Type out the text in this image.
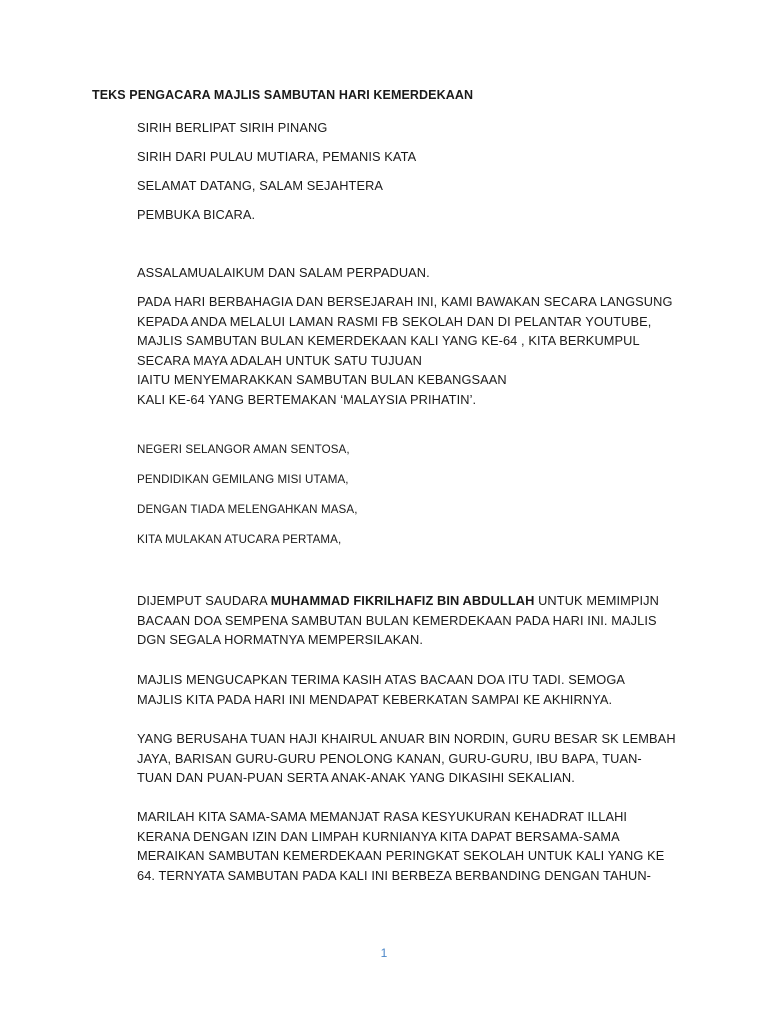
TEKS PENGACARA MAJLIS SAMBUTAN HARI KEMERDEKAAN
SIRIH BERLIPAT SIRIH PINANG
SIRIH DARI PULAU MUTIARA, PEMANIS KATA
SELAMAT DATANG, SALAM SEJAHTERA
PEMBUKA BICARA.
ASSALAMUALAIKUM DAN SALAM PERPADUAN.
PADA HARI BERBAHAGIA DAN BERSEJARAH INI, KAMI BAWAKAN SECARA LANGSUNG
KEPADA ANDA MELALUI LAMAN RASMI FB SEKOLAH DAN DI PELANTAR YOUTUBE,
MAJLIS SAMBUTAN BULAN KEMERDEKAAN KALI YANG KE-64 , KITA BERKUMPUL
SECARA MAYA ADALAH UNTUK SATU TUJUAN
IAITU MENYEMARAKKAN SAMBUTAN BULAN KEBANGSAAN
KALI KE-64 YANG BERTEMAKAN ‘MALAYSIA PRIHATIN’.
NEGERI SELANGOR AMAN SENTOSA,
PENDIDIKAN GEMILANG MISI UTAMA,
DENGAN TIADA MELENGAHKAN MASA,
KITA MULAKAN ATUCARA PERTAMA,
DIJEMPUT SAUDARA MUHAMMAD FIKRILHAFIZ BIN ABDULLAH UNTUK MEMIMPIJN
BACAAN DOA SEMPENA SAMBUTAN BULAN KEMERDEKAAN PADA HARI INI. MAJLIS
DGN SEGALA HORMATNYA MEMPERSILAKAN.
MAJLIS MENGUCAPKAN TERIMA KASIH ATAS BACAAN DOA ITU TADI. SEMOGA
MAJLIS KITA PADA HARI INI MENDAPAT KEBERKATAN SAMPAI KE AKHIRNYA.
YANG BERUSAHA TUAN HAJI KHAIRUL ANUAR BIN NORDIN, GURU BESAR SK LEMBAH
JAYA, BARISAN GURU-GURU PENOLONG KANAN, GURU-GURU, IBU BAPA, TUAN-
TUAN DAN PUAN-PUAN SERTA ANAK-ANAK YANG DIKASIHI SEKALIAN.
MARILAH KITA SAMA-SAMA MEMANJAT RASA KESYUKURAN KEHADRAT ILLAHI
KERANA DENGAN IZIN DAN LIMPAH KURNIANYA KITA DAPAT BERSAMA-SAMA
MERAIKAN SAMBUTAN KEMERDEKAAN PERINGKAT SEKOLAH UNTUK KALI YANG KE
64. TERNYATA SAMBUTAN PADA KALI INI BERBEZA BERBANDING DENGAN TAHUN-
1
